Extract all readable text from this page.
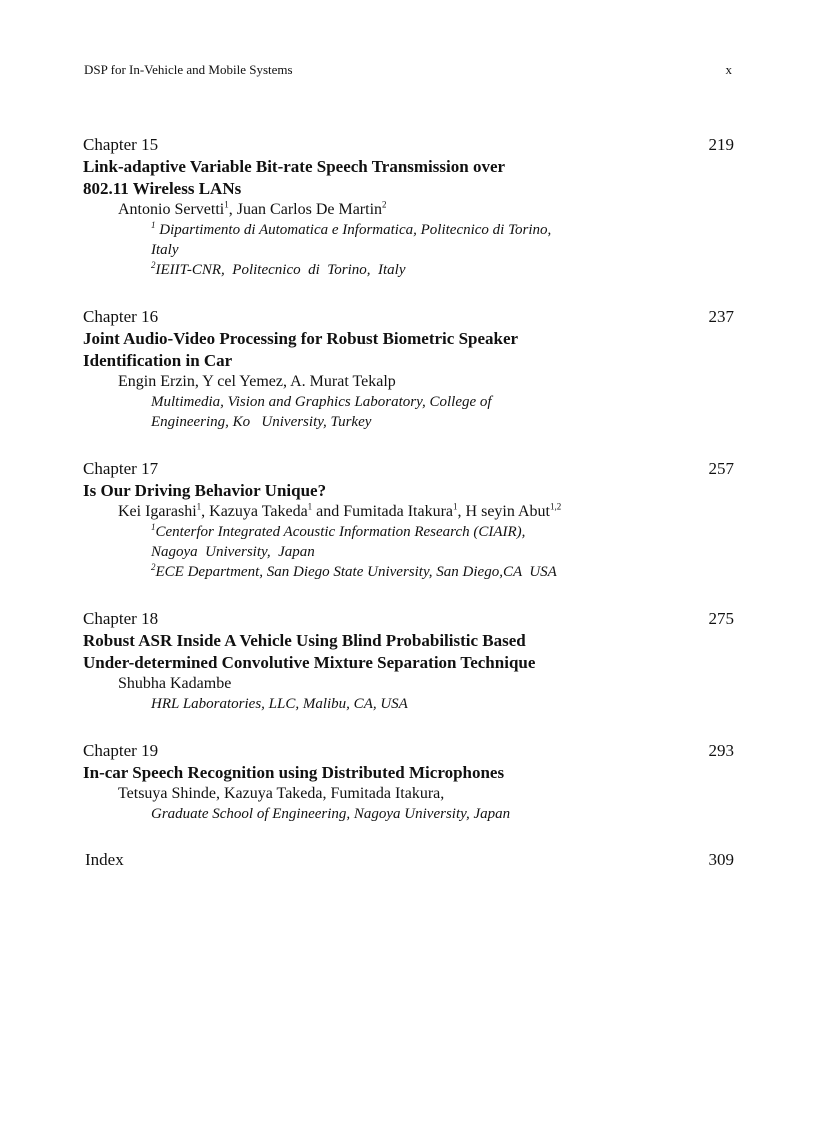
DSP for In-Vehicle and Mobile Systems	x
Chapter 15	219
Link-adaptive Variable Bit-rate Speech Transmission over
802.11 Wireless LANs
Antonio Servetti$^1$, Juan Carlos De Martin$^2$
$^1$ Dipartimento di Automatica e Informatica, Politecnico di Torino,
Italy
$^2$IEIIT-CNR,  Politecnico  di  Torino,  Italy
Chapter 16	237
Joint Audio-Video Processing for Robust Biometric Speaker
Identification in Car
Engin Erzin, Y cel Yemez, A. Murat Tekalp
Multimedia, Vision and Graphics Laboratory, College of
Engineering, Ko   University, Turkey
Chapter 17	257
Is Our Driving Behavior Unique?
Kei Igarashi$^1$, Kazuya Takeda$^1$ and Fumitada Itakura$^1$, H seyin Abut$^{1,2}$
$^1$Centerfor Integrated Acoustic Information Research (CIAIR),
Nagoya  University,  Japan
$^2$ECE Department, San Diego State University, San Diego,CA  USA
Chapter 18	275
Robust ASR Inside A Vehicle Using Blind Probabilistic Based
Under-determined Convolutive Mixture Separation Technique
Shubha Kadambe
HRL Laboratories, LLC, Malibu, CA, USA
Chapter 19	293
In-car Speech Recognition using Distributed Microphones
Tetsuya Shinde, Kazuya Takeda, Fumitada Itakura,
Graduate School of Engineering, Nagoya University, Japan
Index	309
